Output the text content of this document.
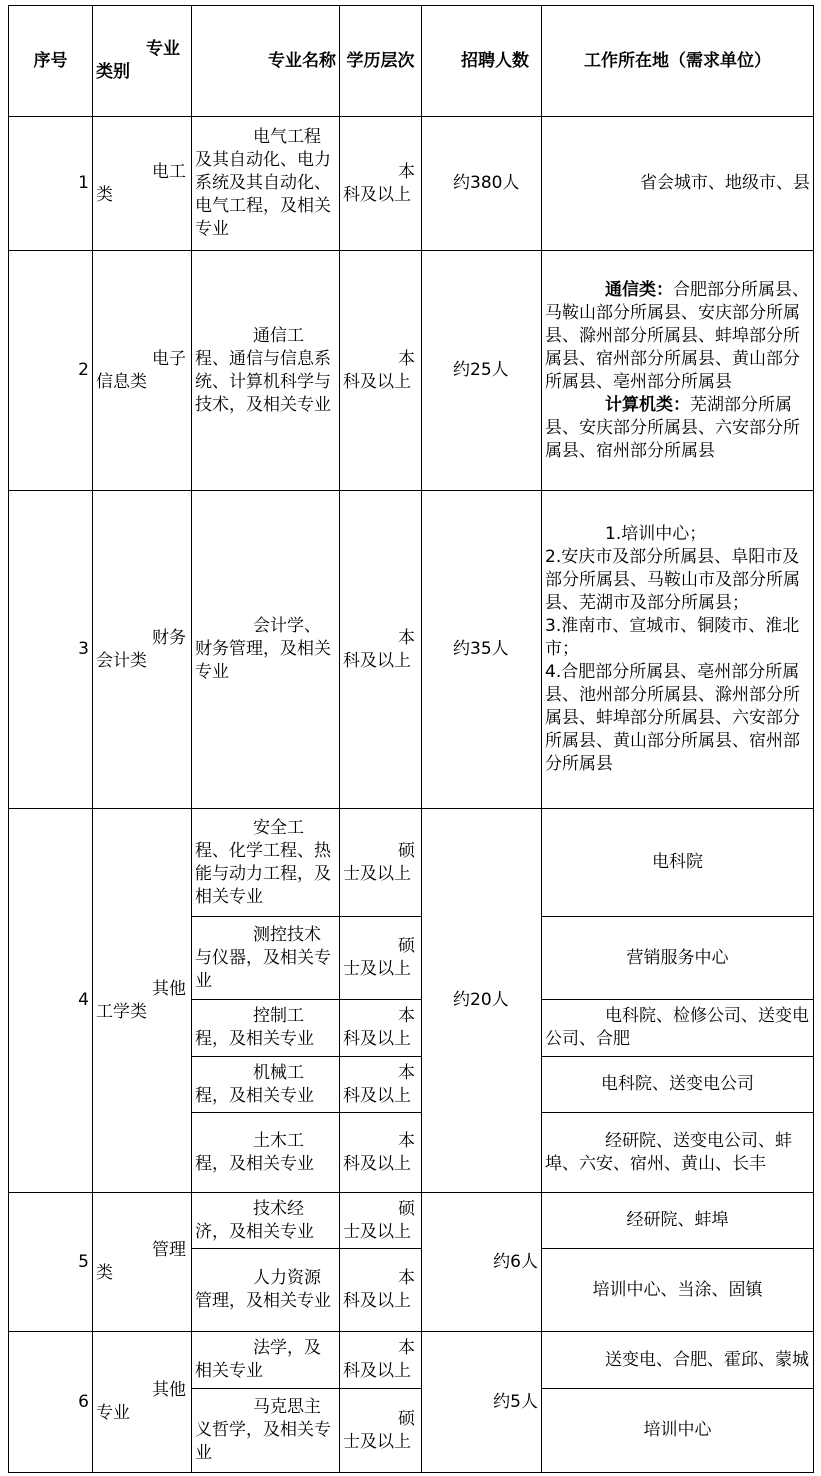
序号	专业类别	专业名称	学历层次	招聘人数	工作所在地（需求单位）
1	电工类	电气工程及其自动化、电力系统及其自动化、电气工程，及相关专业	本科及以上	约380人	省会城市、地级市、县
2	电子信息类	通信工程、通信与信息系统、计算机科学与技术，及相关专业	本科及以上	约25人	通信类：合肥部分所属县、马鞍山部分所属县、安庆部分所属县、滁州部分所属县、蚌埠部分所属县、宿州部分所属县、黄山部分所属县、亳州部分所属县
计算机类：芜湖部分所属县、安庆部分所属县、六安部分所属县、宿州部分所属县

3	财务会计类	会计学、财务管理，及相关专业	本科及以上	约35人	1.培训中心；
2.安庆市及部分所属县、阜阳市及部分所属县、马鞍山市及部分所属县、芜湖市及部分所属县；
3.淮南市、宣城市、铜陵市、淮北市；
4.合肥部分所属县、亳州部分所属县、池州部分所属县、滁州部分所属县、蚌埠部分所属县、六安部分所属县、黄山部分所属县、宿州部分所属县

4	其他工学类	安全工程、化学工程、热能与动力工程，及相关专业	硕士及以上	约20人	电科院
		测控技术与仪器，及相关专业	硕士及以上		营销服务中心
		控制工程，及相关专业	本科及以上		电科院、检修公司、送变电公司、合肥
		机械工程，及相关专业	本科及以上		电科院、送变电公司
		土木工程，及相关专业	本科及以上		经研院、送变电公司、蚌埠、六安、宿州、黄山、长丰
5	管理类	技术经济，及相关专业	硕士及以上	约6人	经研院、蚌埠
		人力资源管理，及相关专业	本科及以上		培训中心、当涂、固镇
6	其他专业	法学，及相关专业	本科及以上	约5人	送变电、合肥、霍邱、蒙城
		马克思主义哲学，及相关专业	硕士及以上		培训中心
